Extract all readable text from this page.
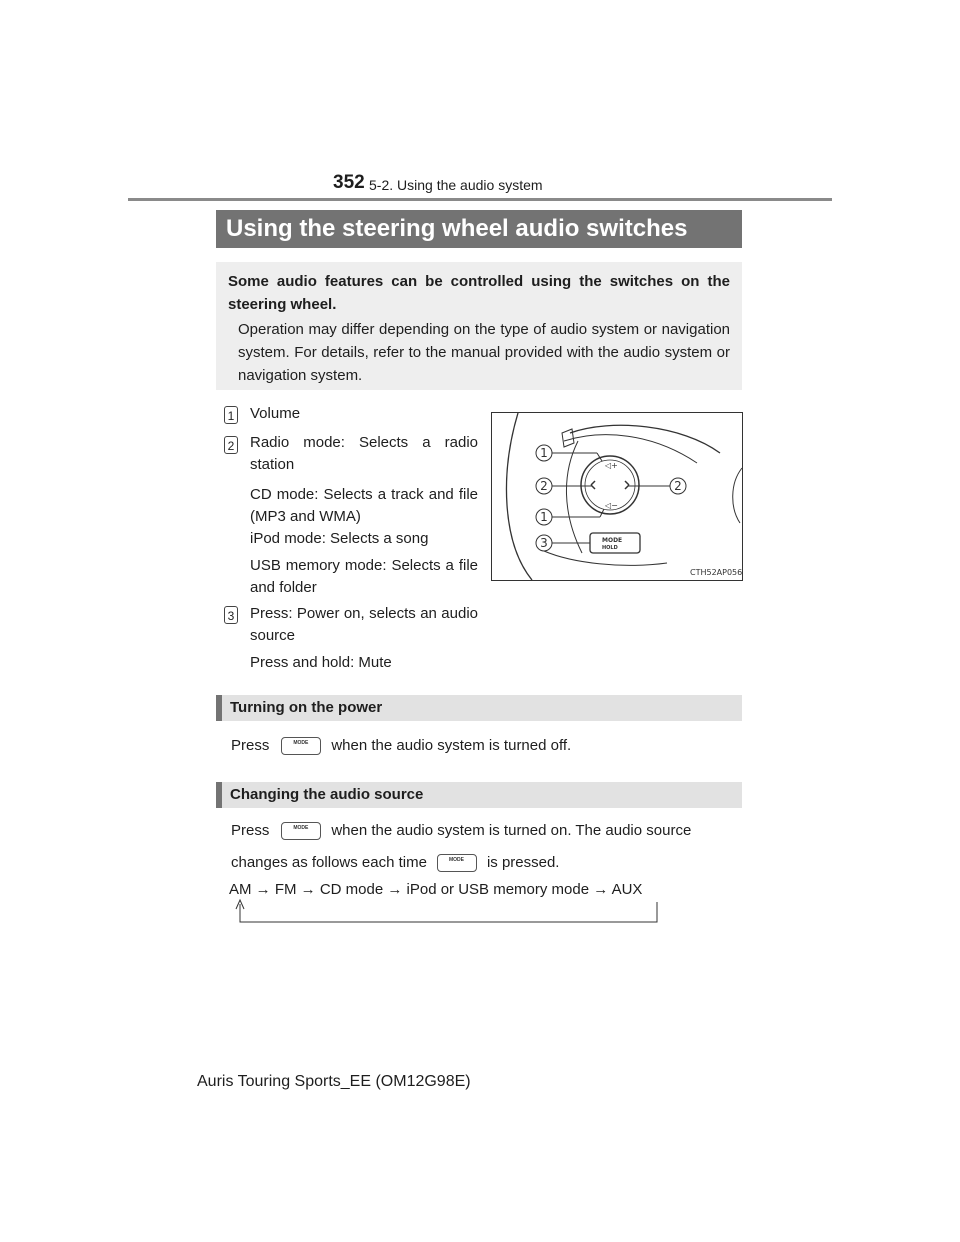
352 5-2. Using the audio system
Using the steering wheel audio switches
Some audio features can be controlled using the switches on the steering wheel.
Operation may differ depending on the type of audio system or navigation system. For details, refer to the manual provided with the audio system or navigation system.
1 Volume
2 Radio mode: Selects a radio station
CD mode: Selects a track and file (MP3 and WMA)
iPod mode: Selects a song
USB memory mode: Selects a file and folder
3 Press: Power on, selects an audio source
Press and hold: Mute
◁+
◁−
MODE
HOLD
1
2	2
1
3
CTH52AP056
Turning on the power
Press	MODE when the audio system is turned off.
Changing the audio source
Press	MODE when the audio system is turned on. The audio source
changes as follows each time	MODE is pressed.
AM → FM → CD mode → iPod or USB memory mode → AUX
Auris Touring Sports_EE (OM12G98E)
